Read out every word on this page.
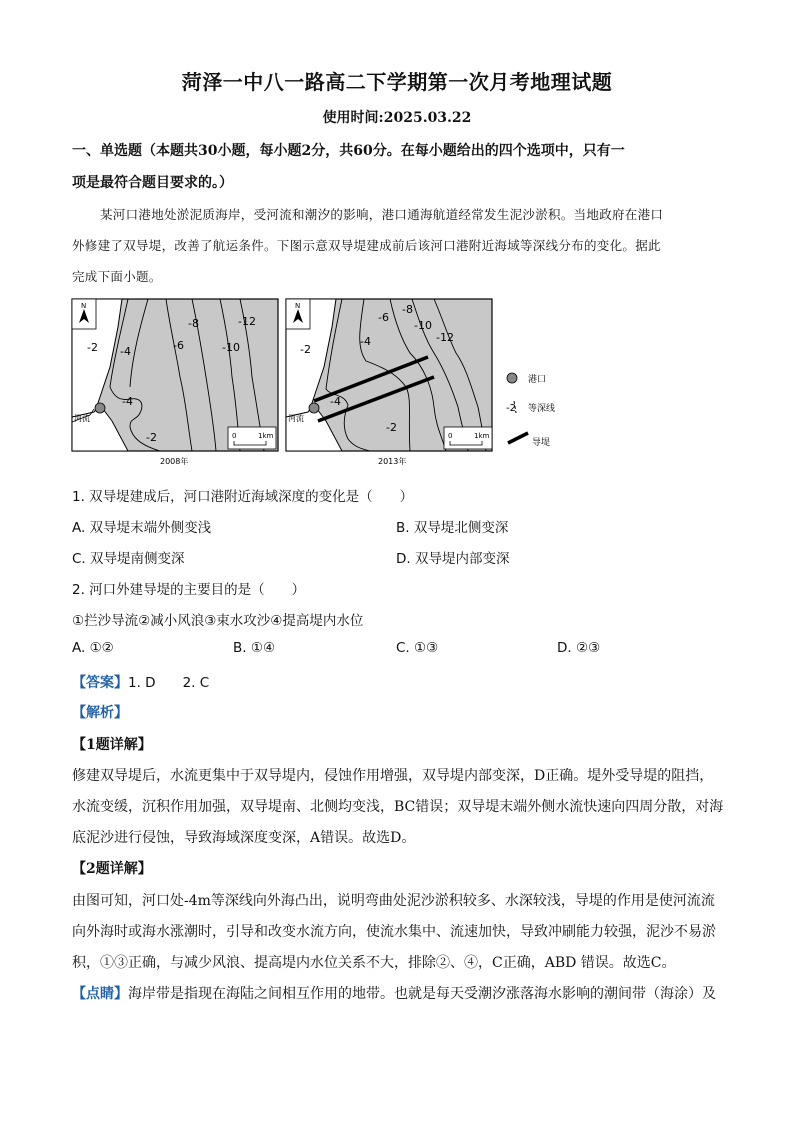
菏泽一中八一路高二下学期第一次月考地理试题
使用时间:2025.03.22
一、单选题（本题共30小题，每小题2分，共60分。在每小题给出的四个选项中，只有一
项是最符合题目要求的。）
某河口港地处淤泥质海岸，受河流和潮汐的影响，港口通海航道经常发生泥沙淤积。当地政府在港口
外修建了双导堤，改善了航运条件。下图示意双导堤建成前后该河口港附近海域等深线分布的变化。据此
完成下面小题。
N
河流
-2 -4	-6
-8
-10
-12
-4
-2	0	1km
2008年
N
河流
-2
-4
-6
-8
-10
-12
-4
-2
0	1km
2013年
港口
-2 等深线
导堤
1. 双导堤建成后，河口港附近海域深度的变化是（　　）
A. 双导堤末端外侧变浅	B. 双导堤北侧变深
C. 双导堤南侧变深	D. 双导堤内部变深
2. 河口外建导堤的主要目的是（　　）
①拦沙导流②减小风浪③束水攻沙④提高堤内水位
A. ①②	B. ①④	C. ①③	D. ②③
【答案】1. D　　2. C
【解析】
【1题详解】
修建双导堤后，水流更集中于双导堤内，侵蚀作用增强，双导堤内部变深，D正确。堤外受导堤的阻挡，
水流变缓，沉积作用加强，双导堤南、北侧均变浅，BC错误；双导堤末端外侧水流快速向四周分散，对海
底泥沙进行侵蚀，导致海域深度变深，A错误。故选D。
【2题详解】
由图可知，河口处-4m等深线向外海凸出，说明弯曲处泥沙淤积较多、水深较浅，导堤的作用是使河流流
向外海时或海水涨潮时，引导和改变水流方向，使流水集中、流速加快，导致冲刷能力较强，泥沙不易淤
积，①③正确，与减少风浪、提高堤内水位关系不大，排除②、④，C正确，ABD 错误。故选C。
【点睛】海岸带是指现在海陆之间相互作用的地带。也就是每天受潮汐涨落海水影响的潮间带（海涂）及
